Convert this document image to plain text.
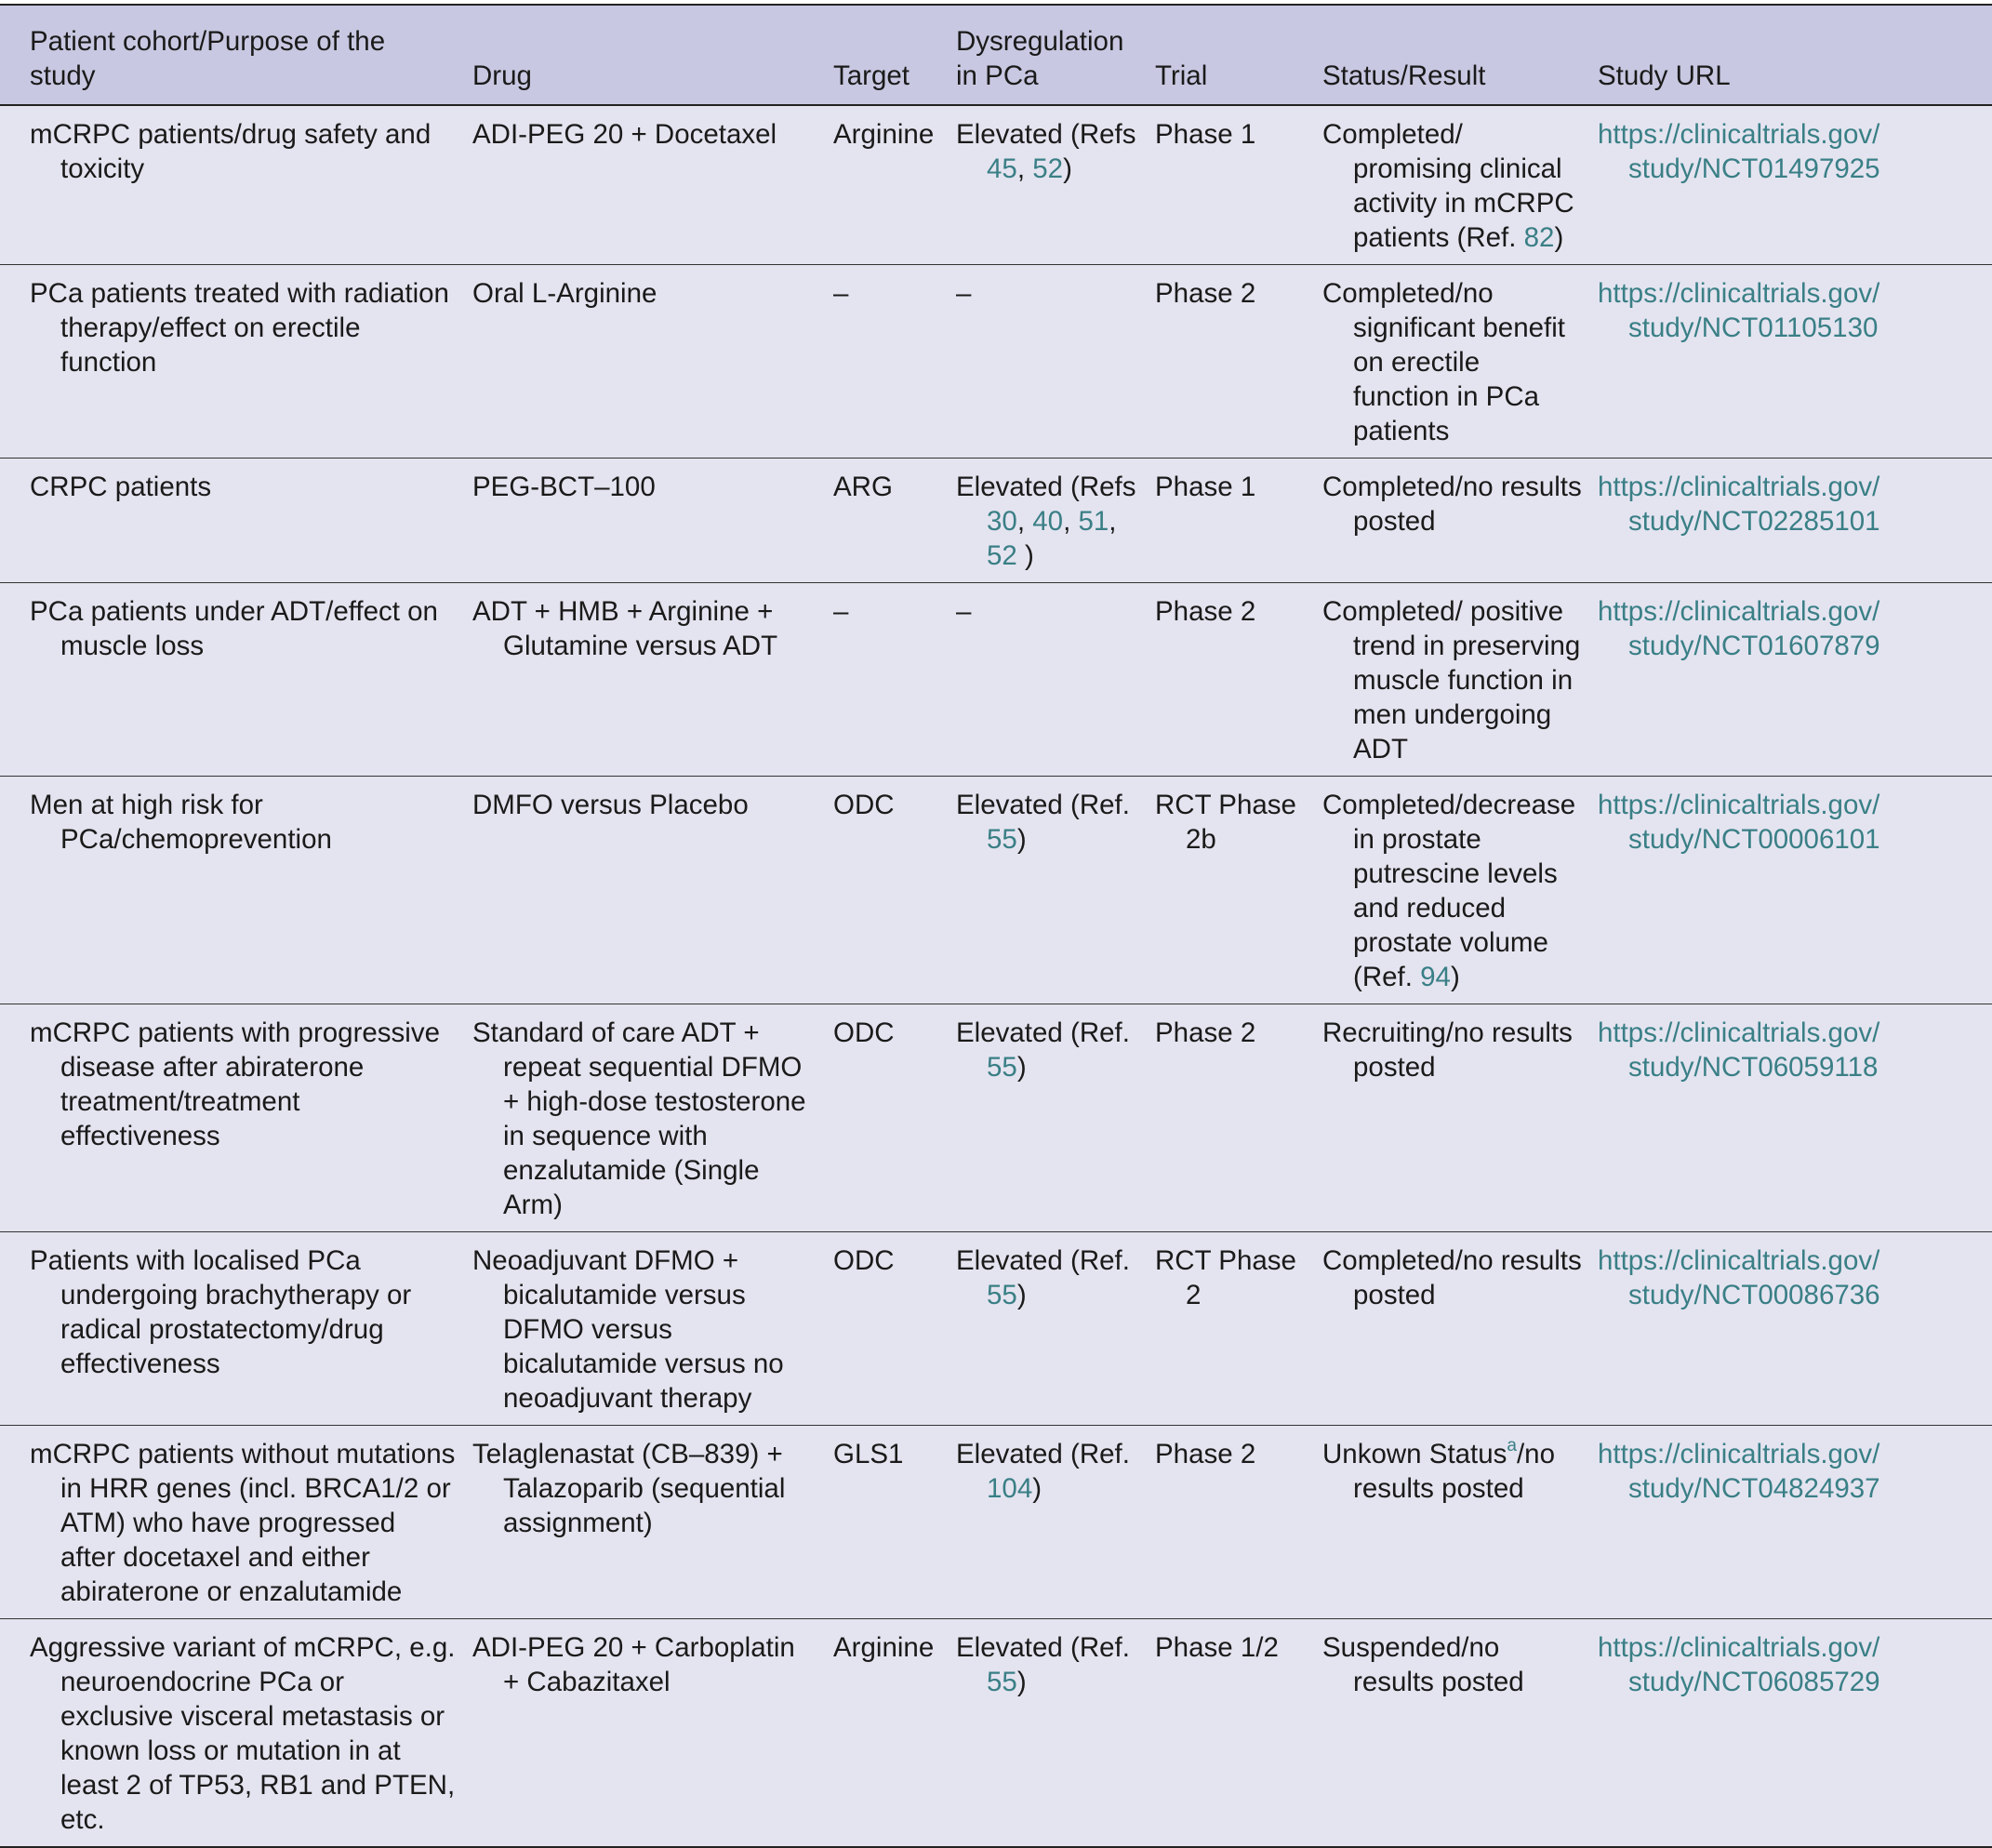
Patient cohort/Purpose of the study	Drug	Target	Dysregulation in PCa	Trial	Status/Result	Study URL

mCRPC patients/drug safety and toxicity	ADI-PEG 20 + Docetaxel	Arginine	Elevated (Refs 45, 52)	Phase 1	Completed/ promising clinical activity in mCRPC patients (Ref. 82)	https://clinicaltrials.gov/ study/NCT01497925

PCa patients treated with radiation therapy/effect on erectile function	Oral L-Arginine	–	–	Phase 2	Completed/no significant benefit on erectile function in PCa patients	https://clinicaltrials.gov/ study/NCT01105130

CRPC patients	PEG-BCT–100	ARG	Elevated (Refs 30, 40, 51, 52 )	Phase 1	Completed/no results posted	https://clinicaltrials.gov/ study/NCT02285101

PCa patients under ADT/effect on muscle loss	ADT + HMB + Arginine + Glutamine versus ADT	–	–	Phase 2	Completed/ positive trend in preserving muscle function in men undergoing ADT	https://clinicaltrials.gov/ study/NCT01607879

Men at high risk for PCa/chemoprevention	DMFO versus Placebo	ODC	Elevated (Ref. 55)	RCT Phase 2b	Completed/decrease in prostate putrescine levels and reduced prostate volume (Ref. 94)	https://clinicaltrials.gov/ study/NCT00006101

mCRPC patients with progressive disease after abiraterone treatment/treatment effectiveness	Standard of care ADT + repeat sequential DFMO + high-dose testosterone in sequence with enzalutamide (Single Arm)	ODC	Elevated (Ref. 55)	Phase 2	Recruiting/no results posted	https://clinicaltrials.gov/ study/NCT06059118

Patients with localised PCa undergoing brachytherapy or radical prostatectomy/drug effectiveness	Neoadjuvant DFMO + bicalutamide versus DFMO versus bicalutamide versus no neoadjuvant therapy	ODC	Elevated (Ref. 55)	RCT Phase 2	Completed/no results posted	https://clinicaltrials.gov/ study/NCT00086736

mCRPC patients without mutations in HRR genes (incl. BRCA1/2 or ATM) who have progressed after docetaxel and either abiraterone or enzalutamide	Telaglenastat (CB–839) + Talazoparib (sequential assignment)	GLS1	Elevated (Ref. 104)	Phase 2	Unkown Status$^a$/no results posted	https://clinicaltrials.gov/ study/NCT04824937

Aggressive variant of mCRPC, e.g. neuroendocrine PCa or exclusive visceral metastasis or known loss or mutation in at least 2 of TP53, RB1 and PTEN, etc.	ADI-PEG 20 + Carboplatin + Cabazitaxel	Arginine	Elevated (Ref. 55)	Phase 1/2	Suspended/no results posted	https://clinicaltrials.gov/ study/NCT06085729
